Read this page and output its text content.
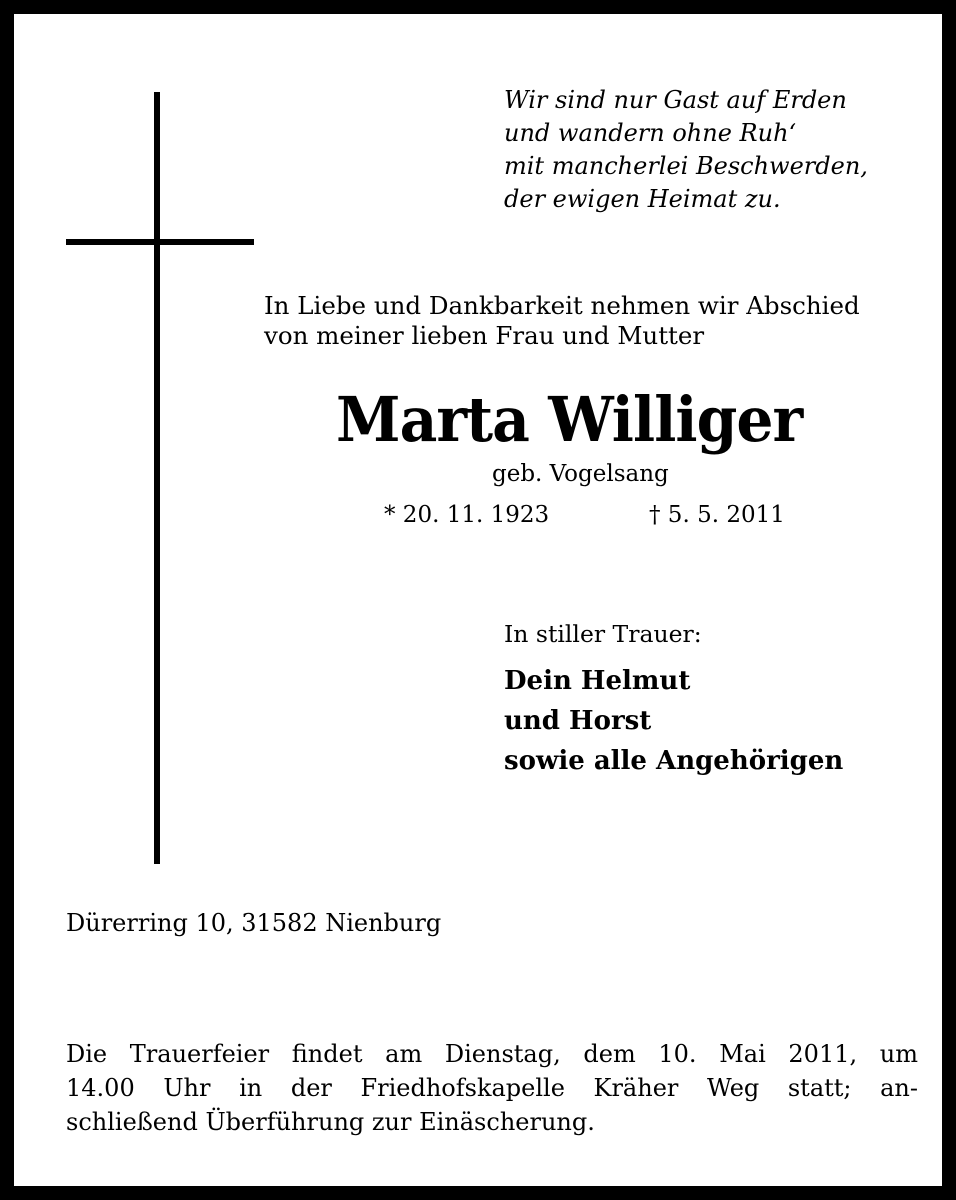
Wir sind nur Gast auf Erden
und wandern ohne Ruh‘
mit mancherlei Beschwerden,
der ewigen Heimat zu.
In Liebe und Dankbarkeit nehmen wir Abschied
von meiner lieben Frau und Mutter
Marta Williger
geb. Vogelsang
* 20. 11. 1923	† 5. 5. 2011
In stiller Trauer:
Dein Helmut
und Horst
sowie alle Angehörigen
Dürerring 10, 31582 Nienburg
Die Trauerfeier findet am Dienstag, dem 10. Mai 2011, um
14.00 Uhr in der Friedhofskapelle Kräher Weg statt; an-
schließend Überführung zur Einäscherung.
